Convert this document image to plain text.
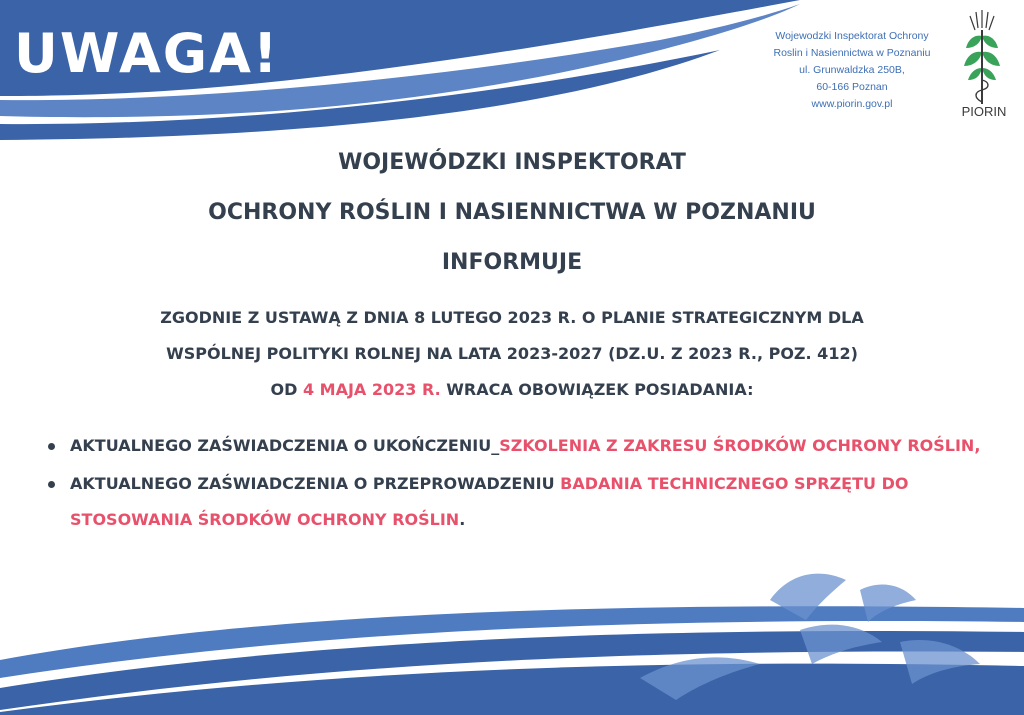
UWAGA!	Wojewodzki Inspektorat Ochrony
Roslin i Nasiennictwa w Poznaniu
ul. Grunwaldzka 250B,
60-166 Poznan
www.piorin.gov.pl	PIORIN
WOJEWÓDZKI INSPEKTORAT
OCHRONY ROŚLIN I NASIENNICTWA W POZNANIU
INFORMUJE
ZGODNIE Z USTAWĄ Z DNIA 8 LUTEGO 2023 R. O PLANIE STRATEGICZNYM DLA
WSPÓLNEJ POLITYKI ROLNEJ NA LATA 2023-2027 (DZ.U. Z 2023 R., POZ. 412)
OD 4 MAJA 2023 R. WRACA OBOWIĄZEK POSIADANIA:
AKTUALNEGO ZAŚWIADCZENIA O UKOŃCZENIU_SZKOLENIA Z ZAKRESU ŚRODKÓW OCHRONY ROŚLIN,
AKTUALNEGO ZAŚWIADCZENIA O PRZEPROWADZENIU BADANIA TECHNICZNEGO SPRZĘTU DO STOSOWANIA ŚRODKÓW OCHRONY ROŚLIN.
